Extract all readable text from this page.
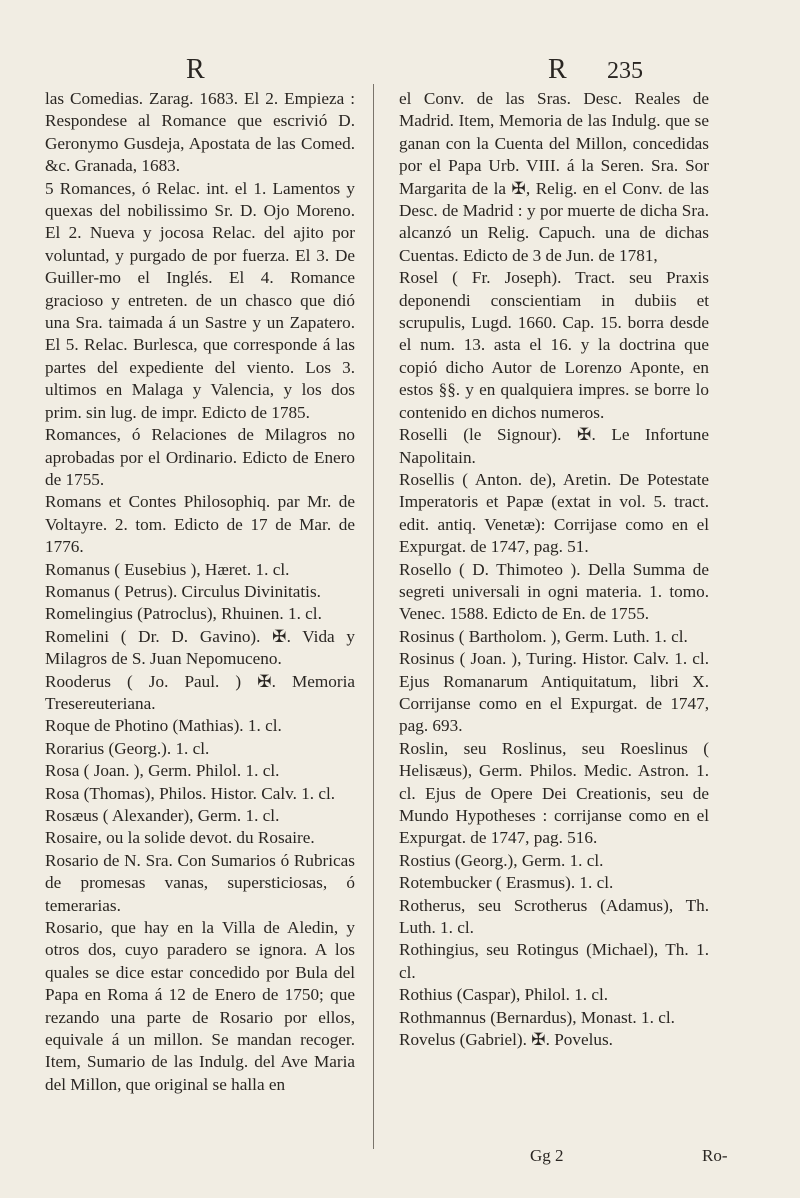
R	R 235

las Comedias. Zarag. 1683. El 2. Empieza : Respondese al Romance que escrivió D. Geronymo Gusdeja, Apostata de las Comed. &c. Granada, 1683.

5 Romances, ó Relac. int. el 1. Lamentos y quexas del nobilissimo Sr. D. Ojo Moreno. El 2. Nueva y jocosa Relac. del ajito por voluntad, y purgado de por fuerza. El 3. De Guiller-mo el Inglés. El 4. Romance gracioso y entreten. de un chasco que dió una Sra. taimada á un Sastre y un Zapatero. El 5. Relac. Burlesca, que corresponde á las partes del expediente del viento. Los 3. ultimos en Malaga y Valencia, y los dos prim. sin lug. de impr. Edicto de 1785.

Romances, ó Relaciones de Milagros no aprobadas por el Ordinario. Edicto de Enero de 1755.

Romans et Contes Philosophiq. par Mr. de Voltayre. 2. tom. Edicto de 17 de Mar. de 1776.

Romanus ( Eusebius ), Hæret. 1. cl.

Romanus ( Petrus). Circulus Divinitatis.

Romelingius (Patroclus), Rhuinen. 1. cl.

Romelini ( Dr. D. Gavino). ✠. Vida y Milagros de S. Juan Nepomuceno.

Rooderus ( Jo. Paul. ) ✠. Memoria Tresereuteriana.

Roque de Photino (Mathias). 1. cl.

Rorarius (Georg.). 1. cl.

Rosa ( Joan. ), Germ. Philol. 1. cl.

Rosa (Thomas), Philos. Histor. Calv. 1. cl.

Rosæus ( Alexander), Germ. 1. cl.

Rosaire, ou la solide devot. du Rosaire.

Rosario de N. Sra. Con Sumarios ó Rubricas de promesas vanas, supersticiosas, ó temerarias.

Rosario, que hay en la Villa de Aledin, y otros dos, cuyo paradero se ignora. A los quales se dice estar concedido por Bula del Papa en Roma á 12 de Enero de 1750; que rezando una parte de Rosario por ellos, equivale á un millon. Se mandan recoger. Item, Sumario de las Indulg. del Ave Maria del Millon, que original se halla en

el Conv. de las Sras. Desc. Reales de Madrid. Item, Memoria de las Indulg. que se ganan con la Cuenta del Millon, concedidas por el Papa Urb. VIII. á la Seren. Sra. Sor Margarita de la ✠, Relig. en el Conv. de las Desc. de Madrid : y por muerte de dicha Sra. alcanzó un Relig. Capuch. una de dichas Cuentas. Edicto de 3 de Jun. de 1781,

Rosel ( Fr. Joseph). Tract. seu Praxis deponendi conscientiam in dubiis et scrupulis, Lugd. 1660. Cap. 15. borra desde el num. 13. asta el 16. y la doctrina que copió dicho Autor de Lorenzo Aponte, en estos §§. y en qualquiera impres. se borre lo contenido en dichos numeros.

Roselli (le Signour). ✠. Le Infortune Napolitain.

Rosellis ( Anton. de), Aretin. De Potestate Imperatoris et Papæ (extat in vol. 5. tract. edit. antiq. Venetæ): Corrijase como en el Expurgat. de 1747, pag. 51.

Rosello ( D. Thimoteo ). Della Summa de segreti universali in ogni materia. 1. tomo. Venec. 1588. Edicto de En. de 1755.

Rosinus ( Bartholom. ), Germ. Luth. 1. cl.

Rosinus ( Joan. ), Turing. Histor. Calv. 1. cl. Ejus Romanarum Antiquitatum, libri X. Corrijanse como en el Expurgat. de 1747, pag. 693.

Roslin, seu Roslinus, seu Roeslinus ( Helisæus), Germ. Philos. Medic. Astron. 1. cl. Ejus de Opere Dei Creationis, seu de Mundo Hypotheses : corrijanse como en el Expurgat. de 1747, pag. 516.

Rostius (Georg.), Germ. 1. cl.

Rotembucker ( Erasmus). 1. cl.

Rotherus, seu Scrotherus (Adamus), Th. Luth. 1. cl.

Rothingius, seu Rotingus (Michael), Th. 1. cl.

Rothius (Caspar), Philol. 1. cl.

Rothmannus (Bernardus), Monast. 1. cl.

Rovelus (Gabriel). ✠. Povelus.

Gg 2	Ro-
